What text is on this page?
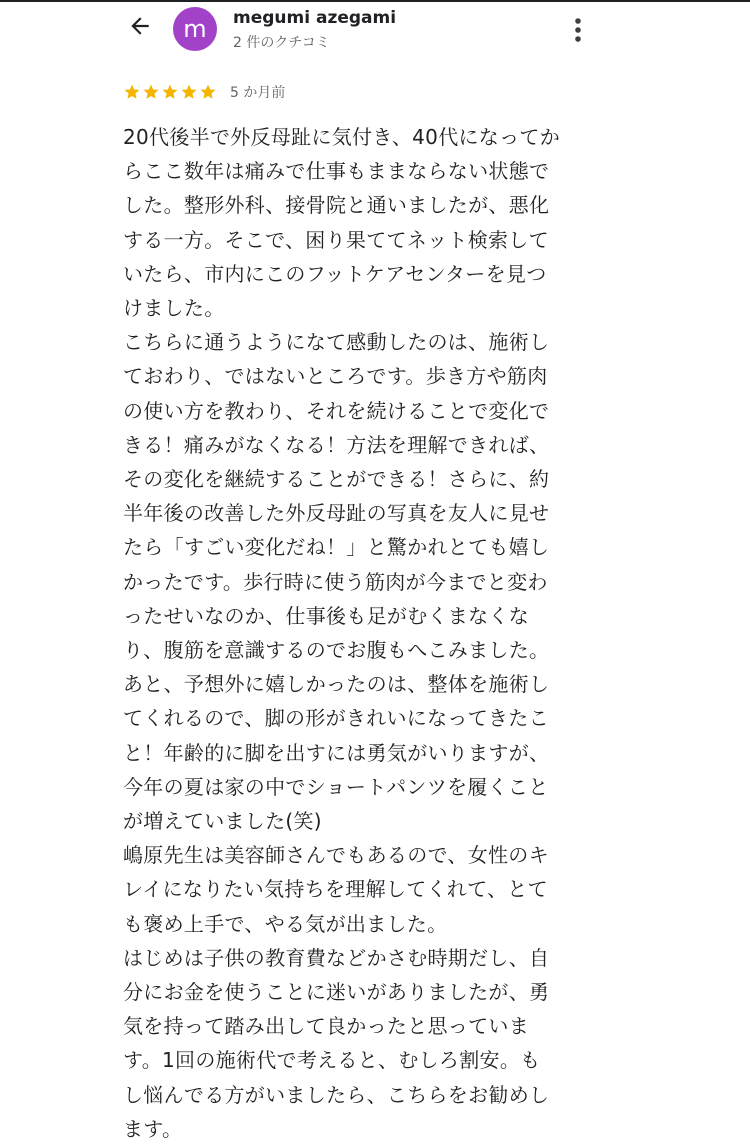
m megumi azegami
2 件のクチコミ
5 か月前

20代後半で外反母趾に気付き、40代になってか

らここ数年は痛みで仕事もままならない状態で

した。整形外科、接骨院と通いましたが、悪化

する一方。そこで、困り果ててネット検索して

いたら、市内にこのフットケアセンターを見つ

けました。

こちらに通うようになて感動したのは、施術し

ておわり、ではないところです。歩き方や筋肉

の使い方を教わり、それを続けることで変化で

きる！痛みがなくなる！方法を理解できれば、

その変化を継続することができる！さらに、約

半年後の改善した外反母趾の写真を友人に見せ

たら「すごい変化だね！」と驚かれとても嬉し

かったです。歩行時に使う筋肉が今までと変わ

ったせいなのか、仕事後も足がむくまなくな

り、腹筋を意識するのでお腹もへこみました。

あと、予想外に嬉しかったのは、整体を施術し

てくれるので、脚の形がきれいになってきたこ

と！年齢的に脚を出すには勇気がいりますが、

今年の夏は家の中でショートパンツを履くこと

が増えていました(笑)

嶋原先生は美容師さんでもあるので、女性のキ

レイになりたい気持ちを理解してくれて、とて

も褒め上手で、やる気が出ました。

はじめは子供の教育費などかさむ時期だし、自

分にお金を使うことに迷いがありましたが、勇

気を持って踏み出して良かったと思っていま

す。1回の施術代で考えると、むしろ割安。も

し悩んでる方がいましたら、こちらをお勧めし

ます。
